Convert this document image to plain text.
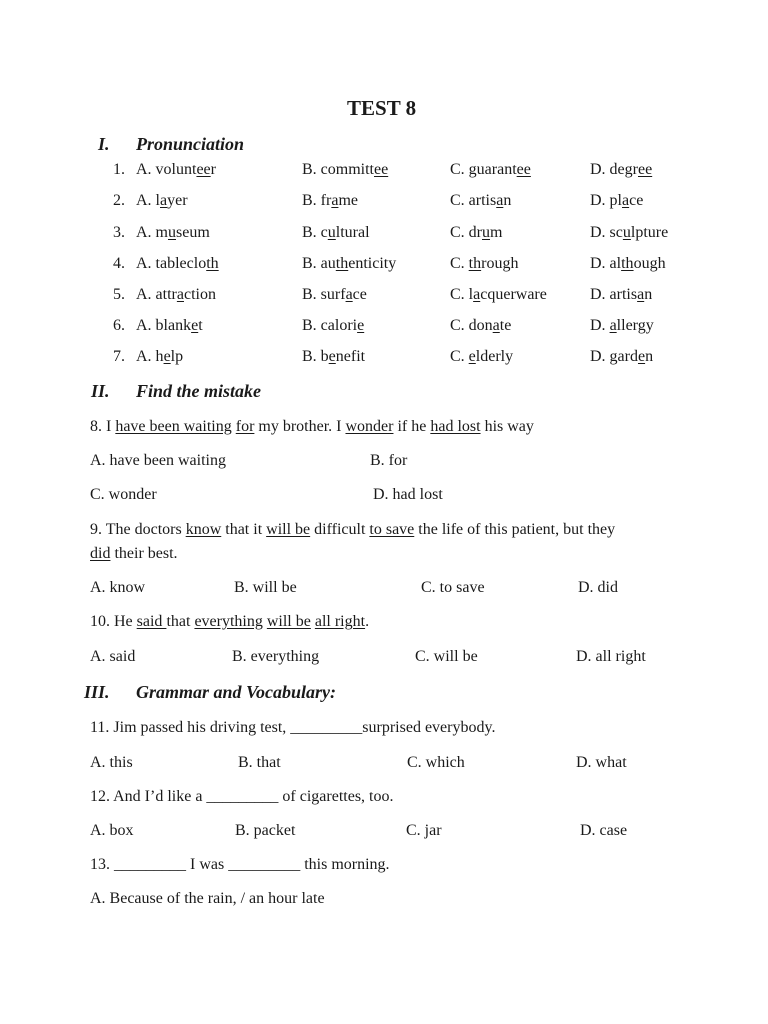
TEST 8
I. Pronunciation
II. Find the mistake
8. I have been waiting for my brother. I wonder if he had lost his way
A. have been waiting	B. for
C. wonder	D. had lost
9. The doctors know that it will be difficult to save the life of this patient, but they
did their best.
A. know	B. will be	C. to save	D. did
10. He said that everything will be all right.
A. said	B. everything	C. will be	D. all right
III. Grammar and Vocabulary:
11. Jim passed his driving test, _________surprised everybody.
A. this	B. that	C. which	D. what
12. And I’d like a _________ of cigarettes, too.
A. box	B. packet	C. jar	D. case
13. _________ I was _________ this morning.
A. Because of the rain, / an hour late
1. A. volunteer	B. committee	C. guarantee	D. degree
2. A. layer	B. frame	C. artisan	D. place
3. A. museum	B. cultural	C. drum	D. sculpture
4. A. tablecloth	B. authenticity	C. through	D. although
5. A. attraction	B. surface	C. lacquerware	D. artisan
6. A. blanket	B. calorie	C. donate	D. allergy
7. A. help	B. benefit	C. elderly	D. garden
